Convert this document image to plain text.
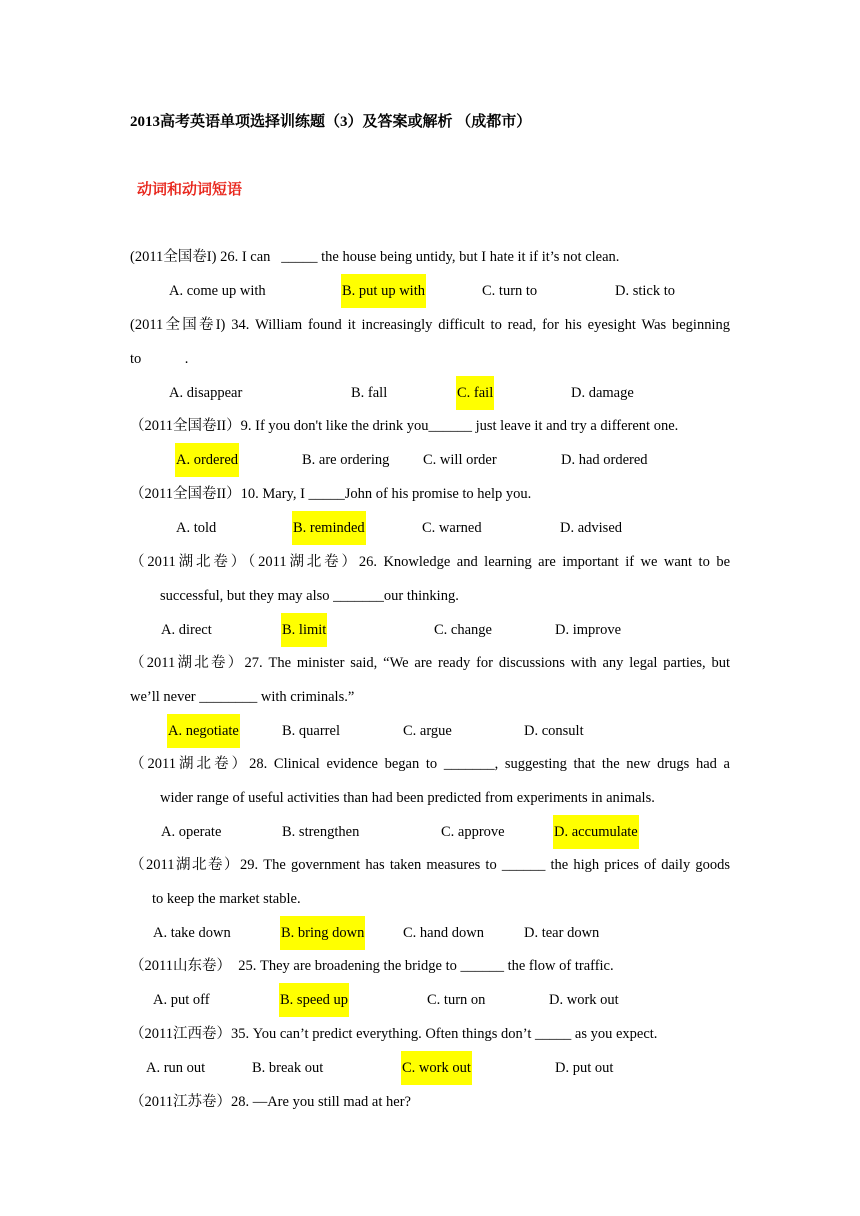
2013高考英语单项选择训练题（3）及答案或解析 （成都市）
动词和动词短语

(2011全国卷I) 26. I can   _____ the house being untidy, but I hate it if it’s not clean.

A. come up with	B. put up with	C. turn to	D. stick to

(2011全国卷I) 34. William found it increasingly difficult to read, for his eyesight Was beginning

to            .

A. disappear	B. fall	C. fail	D. damage

（2011全国卷II）9. If you don't like the drink you______ just leave it and try a different one.

A. ordered	B. are ordering C. will order	D. had ordered

（2011全国卷II）10. Mary, I _____John of his promise to help you.

A. told	B. reminded	C. warned	D. advised

（2011湖北卷）（2011湖北卷）26. Knowledge and learning are important if we want to be

successful, but they may also _______our thinking.

A. direct	B. limit	C. change	D. improve

（2011湖北卷）27. The minister said, “We are ready for discussions with any legal parties, but

we’ll never ________ with criminals.”

A. negotiate	B. quarrel	C. argue	D. consult

（2011湖北卷）28. Clinical evidence began to _______, suggesting that the new drugs had a

wider range of useful activities than had been predicted from experiments in animals.

A. operate	B. strengthen	C. approve	D. accumulate

（2011湖北卷）29. The government has taken measures to ______ the high prices of daily goods

to keep the market stable.

A. take down	B. bring down	C. hand down	D. tear down

（2011山东卷）  25. They are broadening the bridge to ______ the flow of traffic.

A. put off	B. speed up	C. turn on	D. work out

（2011江西卷）35. You can’t predict everything. Often things don’t _____ as you expect.

A. run out	B. break out	C. work out	D. put out

（2011江苏卷）28. —Are you still mad at her?
